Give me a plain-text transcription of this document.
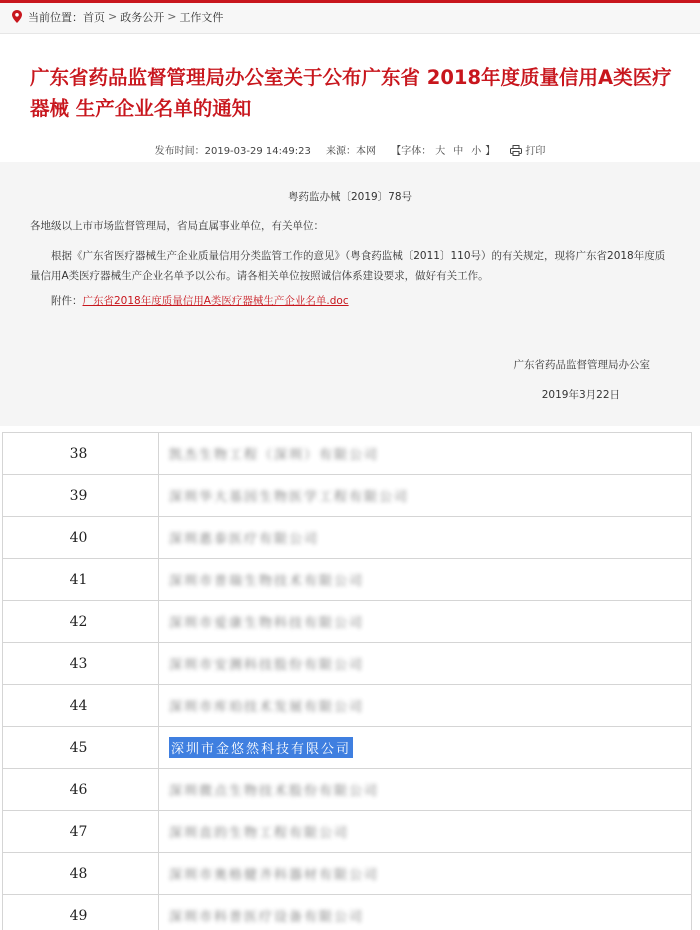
当前位置： 首页 > 政务公开 > 工作文件
广东省药品监督管理局办公室关于公布广东省 2018年度质量信用A类医疗器械 生产企业名单的通知
发布时间：2019-03-29 14:49:23 来源：本网 【字体： 大 中 小 】	打印
粤药监办械〔2019〕78号
各地级以上市市场监督管理局，省局直属事业单位，有关单位：
根据《广东省医疗器械生产企业质量信用分类监管工作的意见》（粤食药监械〔2011〕110号）的有关规定，现将广东省2018年度质量信用A类医疗器械生产企业名单予以公布。请各相关单位按照诚信体系建设要求，做好有关工作。
附件：广东省2018年度质量信用A类医疗器械生产企业名单.doc
广东省药品监督管理局办公室
2019年3月22日
38	凯杰生物工程（深圳）有限公司
39	深圳华大基因生物医学工程有限公司
40	深圳惠泰医疗有限公司
41	深圳市普瑞生物技术有限公司
42	深圳市爱康生物科技有限公司
43	深圳市安测科技股份有限公司
44	深圳市库珀技术发展有限公司
45	深圳市金悠然科技有限公司
46	深圳微点生物技术股份有限公司
47	深圳直的生物工程有限公司
48	深圳市奥格健齐科器材有限公司
49	深圳市科普医疗设备有限公司
